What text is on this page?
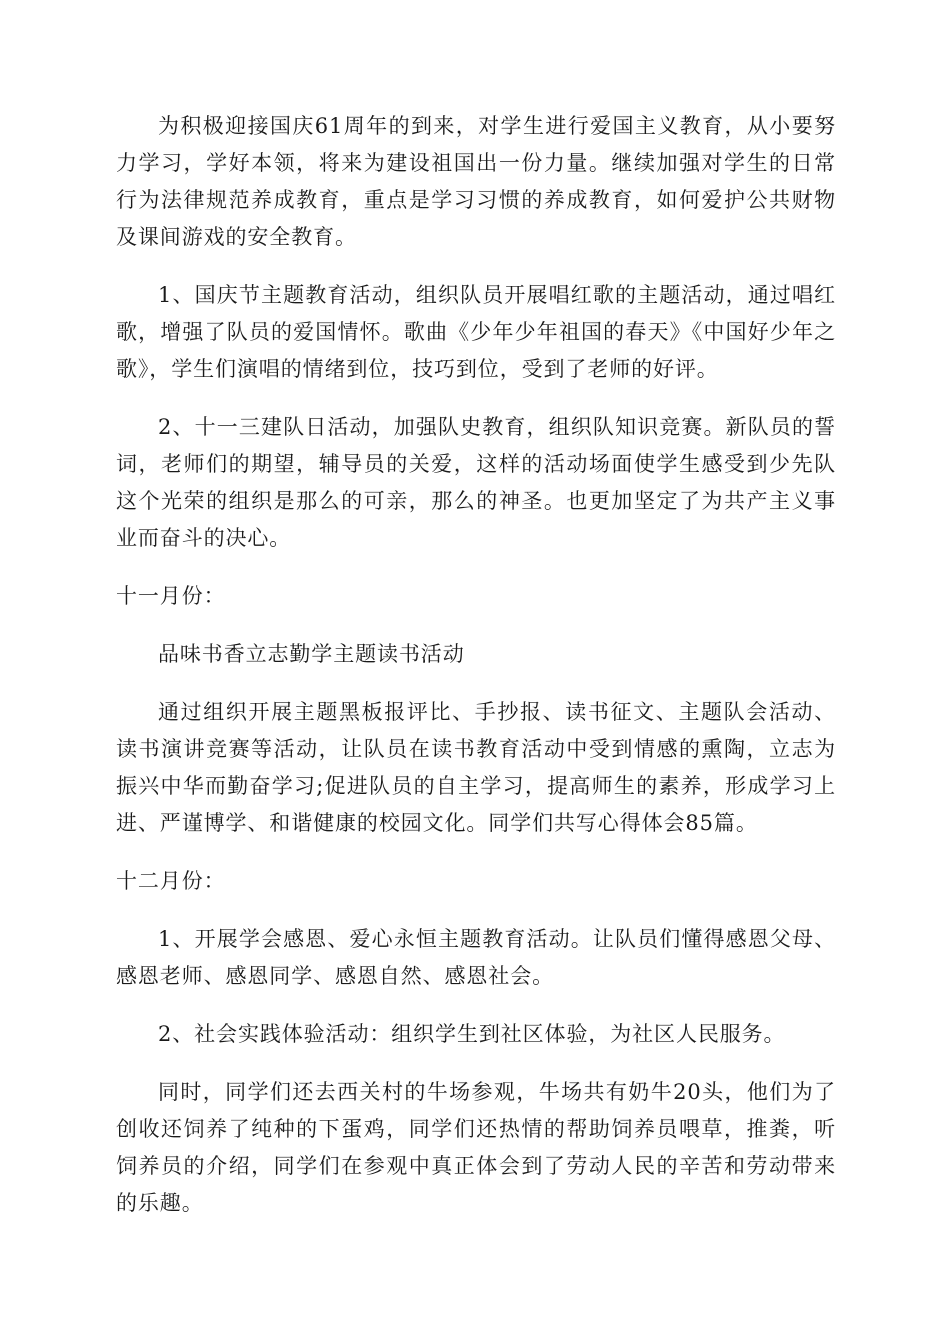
为积极迎接国庆61周年的到来，对学生进行爱国主义教育，从小要努力学习，学好本领，将来为建设祖国出一份力量。继续加强对学生的日常行为法律规范养成教育，重点是学习习惯的养成教育，如何爱护公共财物及课间游戏的安全教育。

1、国庆节主题教育活动，组织队员开展唱红歌的主题活动，通过唱红歌，增强了队员的爱国情怀。歌曲《少年少年祖国的春天》《中国好少年之歌》，学生们演唱的情绪到位，技巧到位，受到了老师的好评。

2、十一三建队日活动，加强队史教育，组织队知识竞赛。新队员的誓词，老师们的期望，辅导员的关爱，这样的活动场面使学生感受到少先队这个光荣的组织是那么的可亲，那么的神圣。也更加坚定了为共产主义事业而奋斗的决心。

十一月份：

品味书香立志勤学主题读书活动

通过组织开展主题黑板报评比、手抄报、读书征文、主题队会活动、读书演讲竞赛等活动，让队员在读书教育活动中受到情感的熏陶，立志为振兴中华而勤奋学习;促进队员的自主学习，提高师生的素养，形成学习上进、严谨博学、和谐健康的校园文化。同学们共写心得体会85篇。

十二月份：

1、开展学会感恩、爱心永恒主题教育活动。让队员们懂得感恩父母、感恩老师、感恩同学、感恩自然、感恩社会。

2、社会实践体验活动：组织学生到社区体验，为社区人民服务。

同时，同学们还去西关村的牛场参观，牛场共有奶牛20头，他们为了创收还饲养了纯种的下蛋鸡，同学们还热情的帮助饲养员喂草，推粪，听饲养员的介绍，同学们在参观中真正体会到了劳动人民的辛苦和劳动带来的乐趣。
